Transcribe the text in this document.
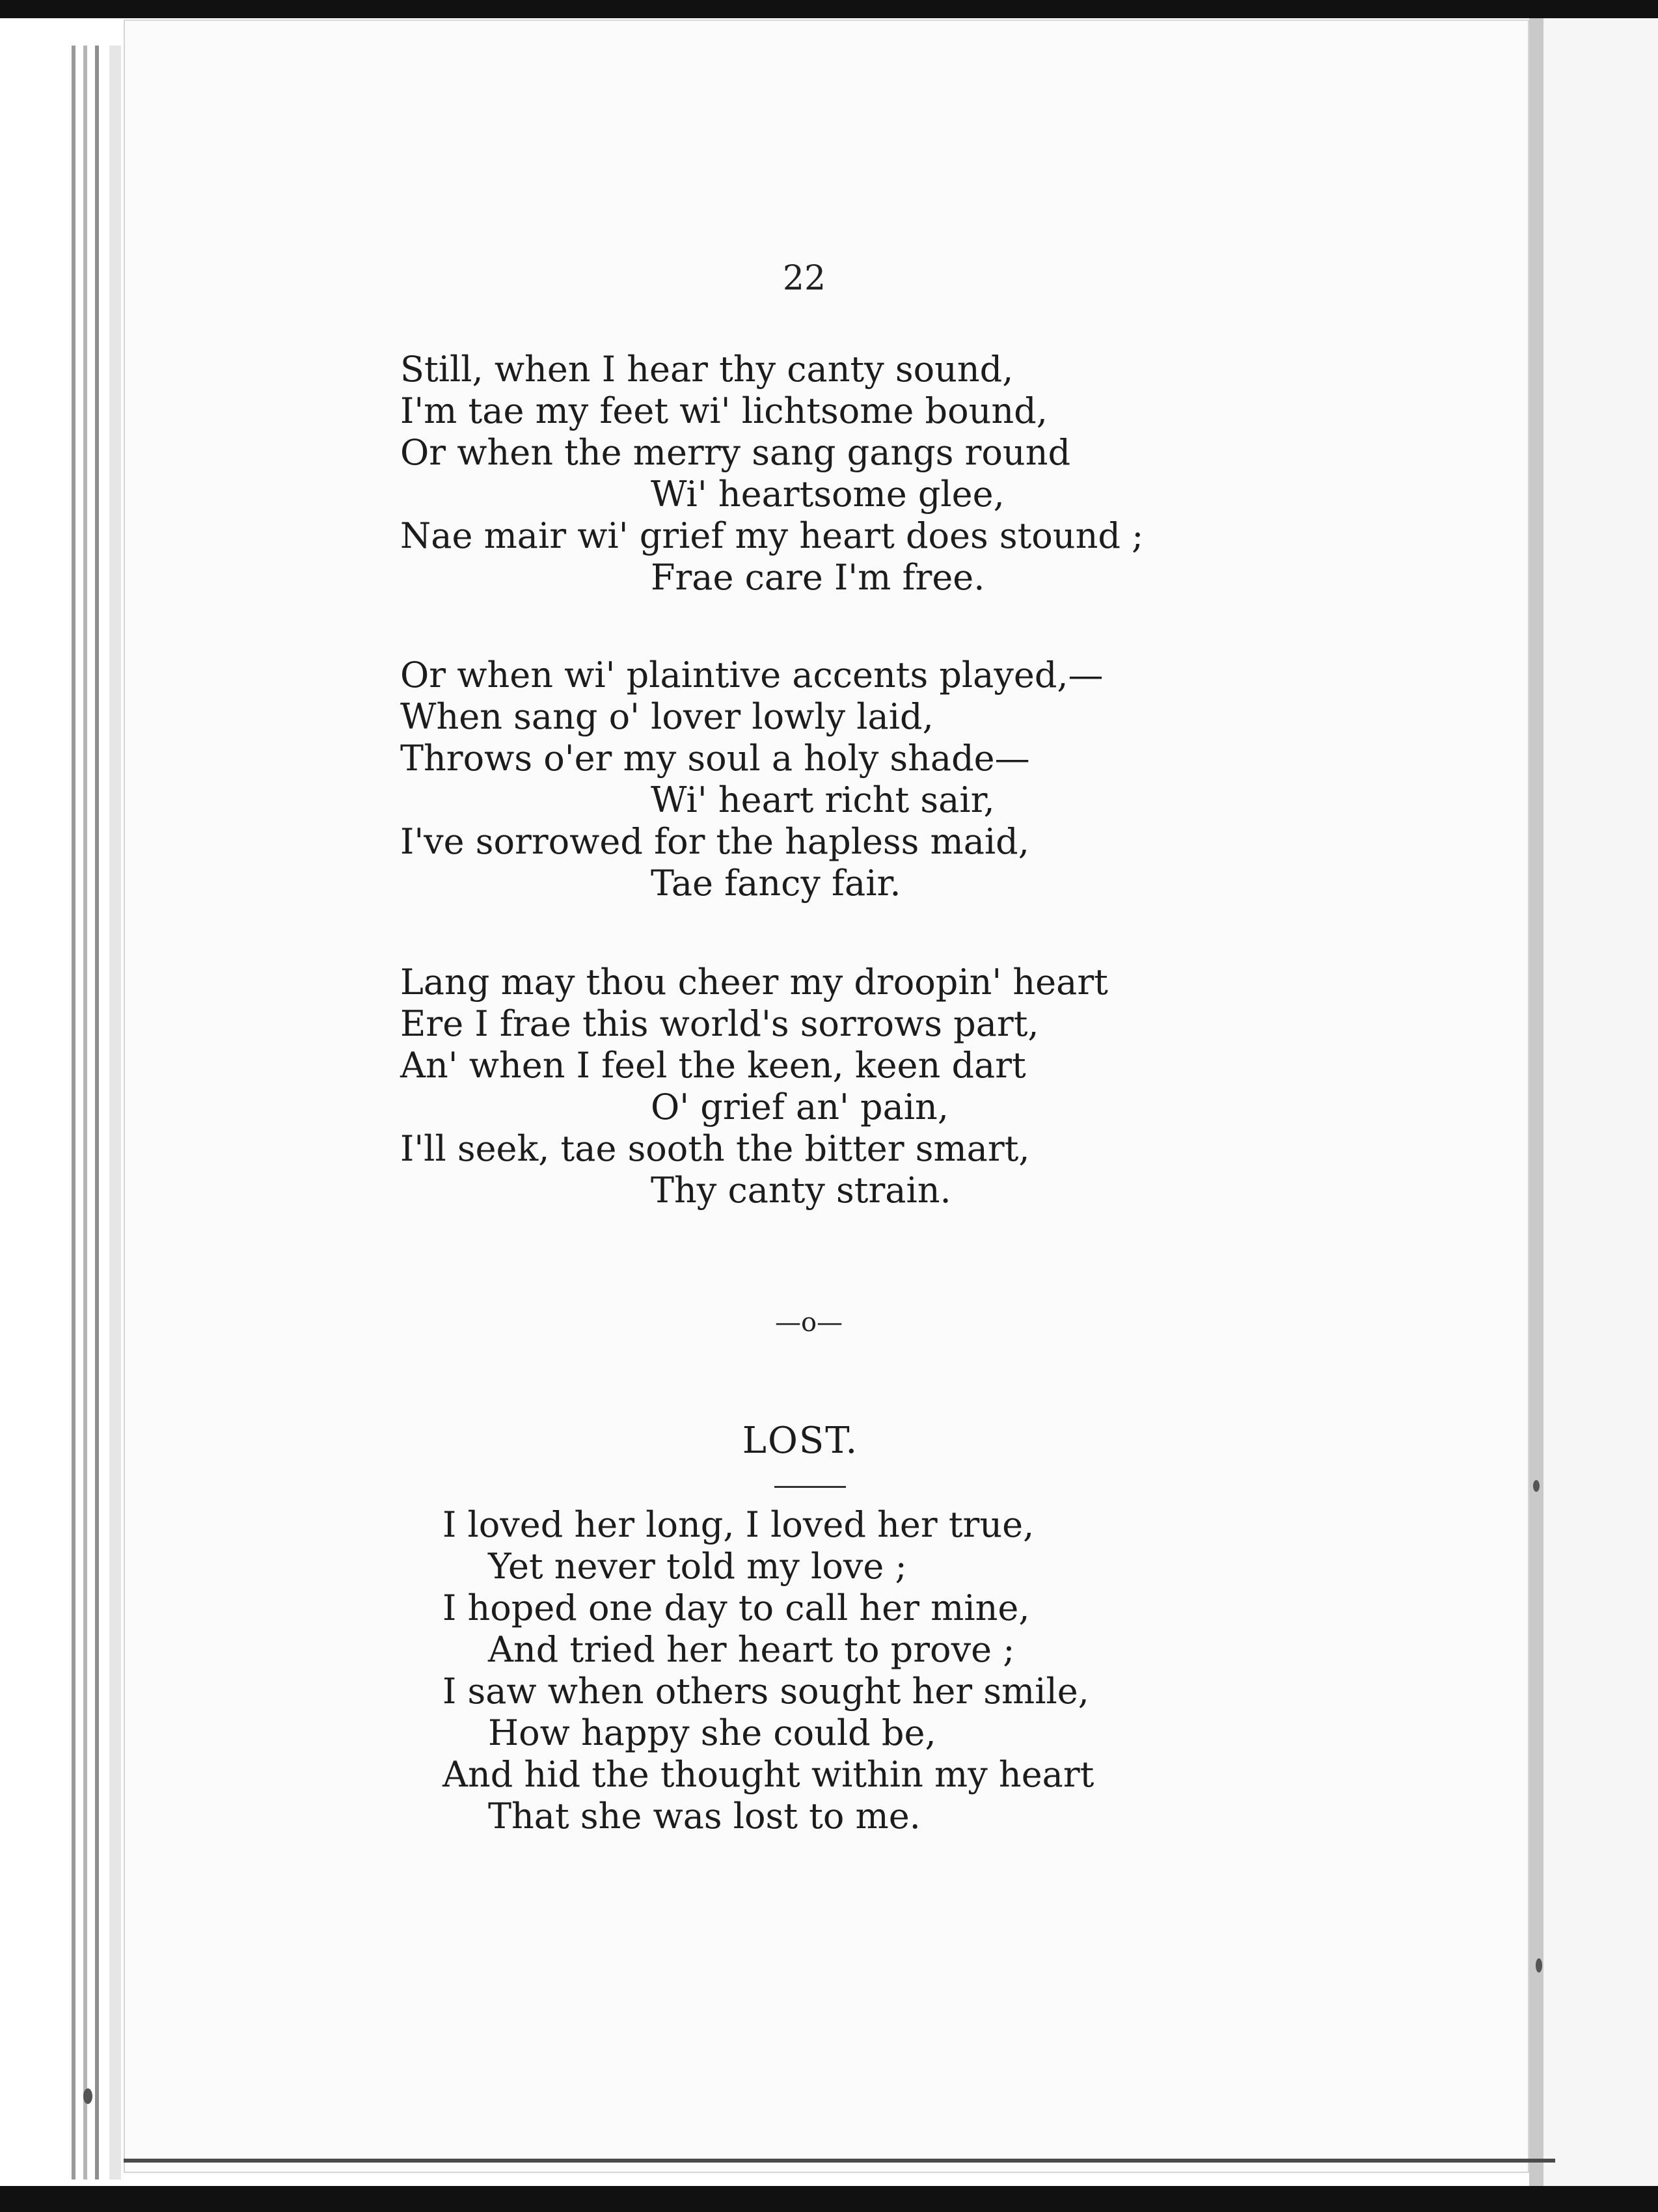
22
Still, when I hear thy canty sound,
I'm tae my feet wi' lichtsome bound,
Or when the merry sang gangs round
Wi' heartsome glee,
Nae mair wi' grief my heart does stound ;
Frae care I'm free.
Or when wi' plaintive accents played,—
When sang o' lover lowly laid,
Throws o'er my soul a holy shade—
Wi' heart richt sair,
I've sorrowed for the hapless maid,
Tae fancy fair.
Lang may thou cheer my droopin' heart
Ere I frae this world's sorrows part,
An' when I feel the keen, keen dart
O' grief an' pain,
I'll seek, tae sooth the bitter smart,
Thy canty strain.
—o—
LOST.
I loved her long, I loved her true,
Yet never told my love ;
I hoped one day to call her mine,
And tried her heart to prove ;
I saw when others sought her smile,
How happy she could be,
And hid the thought within my heart
That she was lost to me.
